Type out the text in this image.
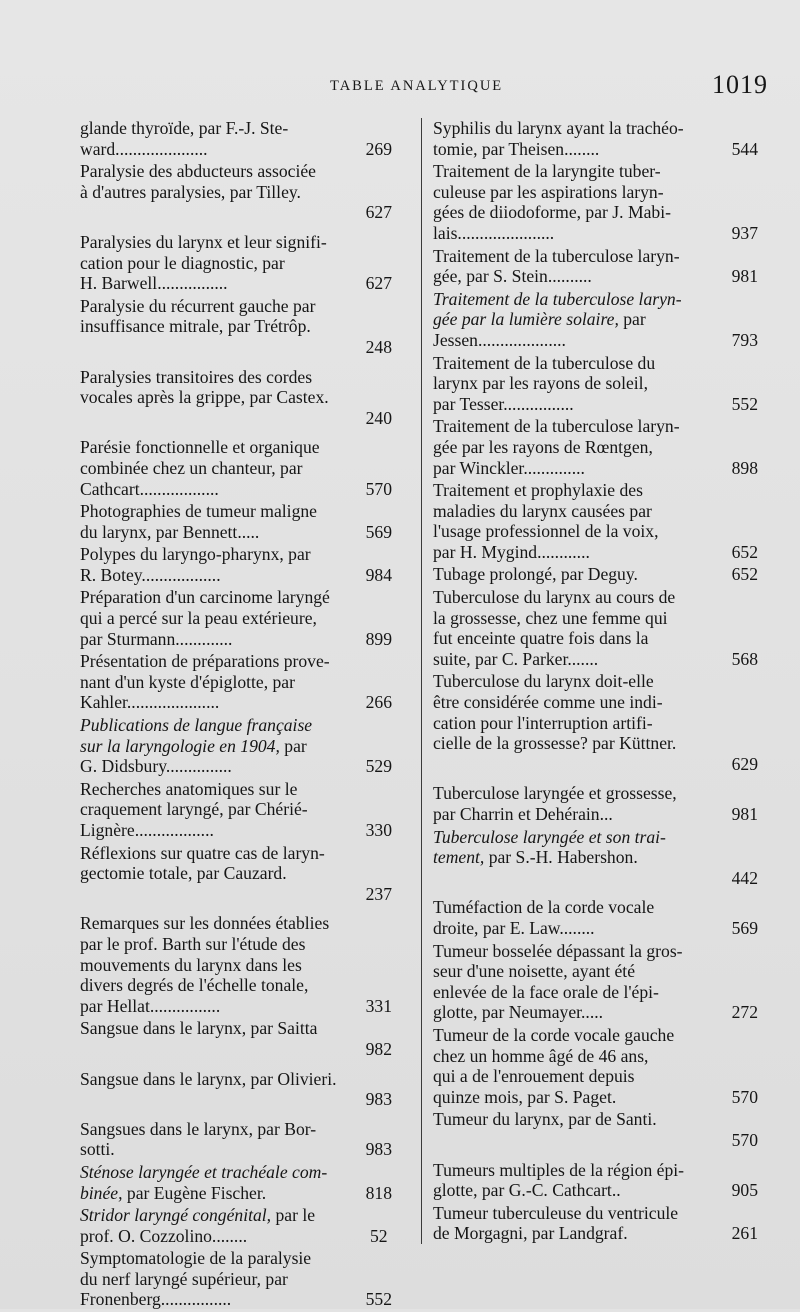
TABLE ANALYTIQUE	1019
glande thyroïde, par F.-J. Ste-
269
ward.....................
Paralysie des abducteurs associée
à d'autres paralysies, par Tilley.
627
Paralysies du larynx et leur signifi-
cation pour le diagnostic, par
627
H. Barwell................
Paralysie du récurrent gauche par
insuffisance mitrale, par Trétrôp.
248
Paralysies transitoires des cordes
vocales après la grippe, par Castex.
240
Parésie fonctionnelle et organique
combinée chez un chanteur, par
570
Cathcart..................
Photographies de tumeur maligne
569
du larynx, par Bennett.....
Polypes du laryngo-pharynx, par
984
R. Botey..................
Préparation d'un carcinome laryngé
qui a percé sur la peau extérieure,
899
par Sturmann.............
Présentation de préparations prove-
nant d'un kyste d'épiglotte, par
266
Kahler.....................
Publications de langue française
sur la laryngologie en 1904, par
529
G. Didsbury...............
Recherches anatomiques sur le
craquement laryngé, par Chérié-
330
Lignère..................
Réflexions sur quatre cas de laryn-
gectomie totale, par Cauzard.
237
Remarques sur les données établies
par le prof. Barth sur l'étude des
mouvements du larynx dans les
divers degrés de l'échelle tonale,
331
par Hellat................
Sangsue dans le larynx, par Saitta
982
Sangsue dans le larynx, par Olivieri.
983
Sangsues dans le larynx, par Bor-
983
sotti.
Sténose laryngée et trachéale com-
818
binée, par Eugène Fischer.
Stridor laryngé congénital, par le
52
prof. O. Cozzolino........
Symptomatologie de la paralysie
du nerf laryngé supérieur, par
552
Fronenberg................
Syphilis du larynx ayant la trachéo-
544
tomie, par Theisen........
Traitement de la laryngite tuber-
culeuse par les aspirations laryn-
gées de diiodoforme, par J. Mabi-
937
lais......................
Traitement de la tuberculose laryn-
981
gée, par S. Stein..........
Traitement de la tuberculose laryn-
gée par la lumière solaire, par
793
Jessen....................
Traitement de la tuberculose du
larynx par les rayons de soleil,
552
par Tesser................
Traitement de la tuberculose laryn-
gée par les rayons de Rœntgen,
898
par Winckler..............
Traitement et prophylaxie des
maladies du larynx causées par
l'usage professionnel de la voix,
652
par H. Mygind............
652
Tubage prolongé, par Deguy.
Tuberculose du larynx au cours de
la grossesse, chez une femme qui
fut enceinte quatre fois dans la
568
suite, par C. Parker.......
Tuberculose du larynx doit-elle
être considérée comme une indi-
cation pour l'interruption artifi-
cielle de la grossesse? par Küttner.
629
Tuberculose laryngée et grossesse,
981
par Charrin et Dehérain...
Tuberculose laryngée et son trai-
tement, par S.-H. Habershon.
442
Tuméfaction de la corde vocale
569
droite, par E. Law........
Tumeur bosselée dépassant la gros-
seur d'une noisette, ayant été
enlevée de la face orale de l'épi-
272
glotte, par Neumayer.....
Tumeur de la corde vocale gauche
chez un homme âgé de 46 ans,
qui a de l'enrouement depuis
570
quinze mois, par S. Paget.
Tumeur du larynx, par de Santi.
570
Tumeurs multiples de la région épi-
905
glotte, par G.-C. Cathcart..
Tumeur tuberculeuse du ventricule
261
de Morgagni, par Landgraf.
